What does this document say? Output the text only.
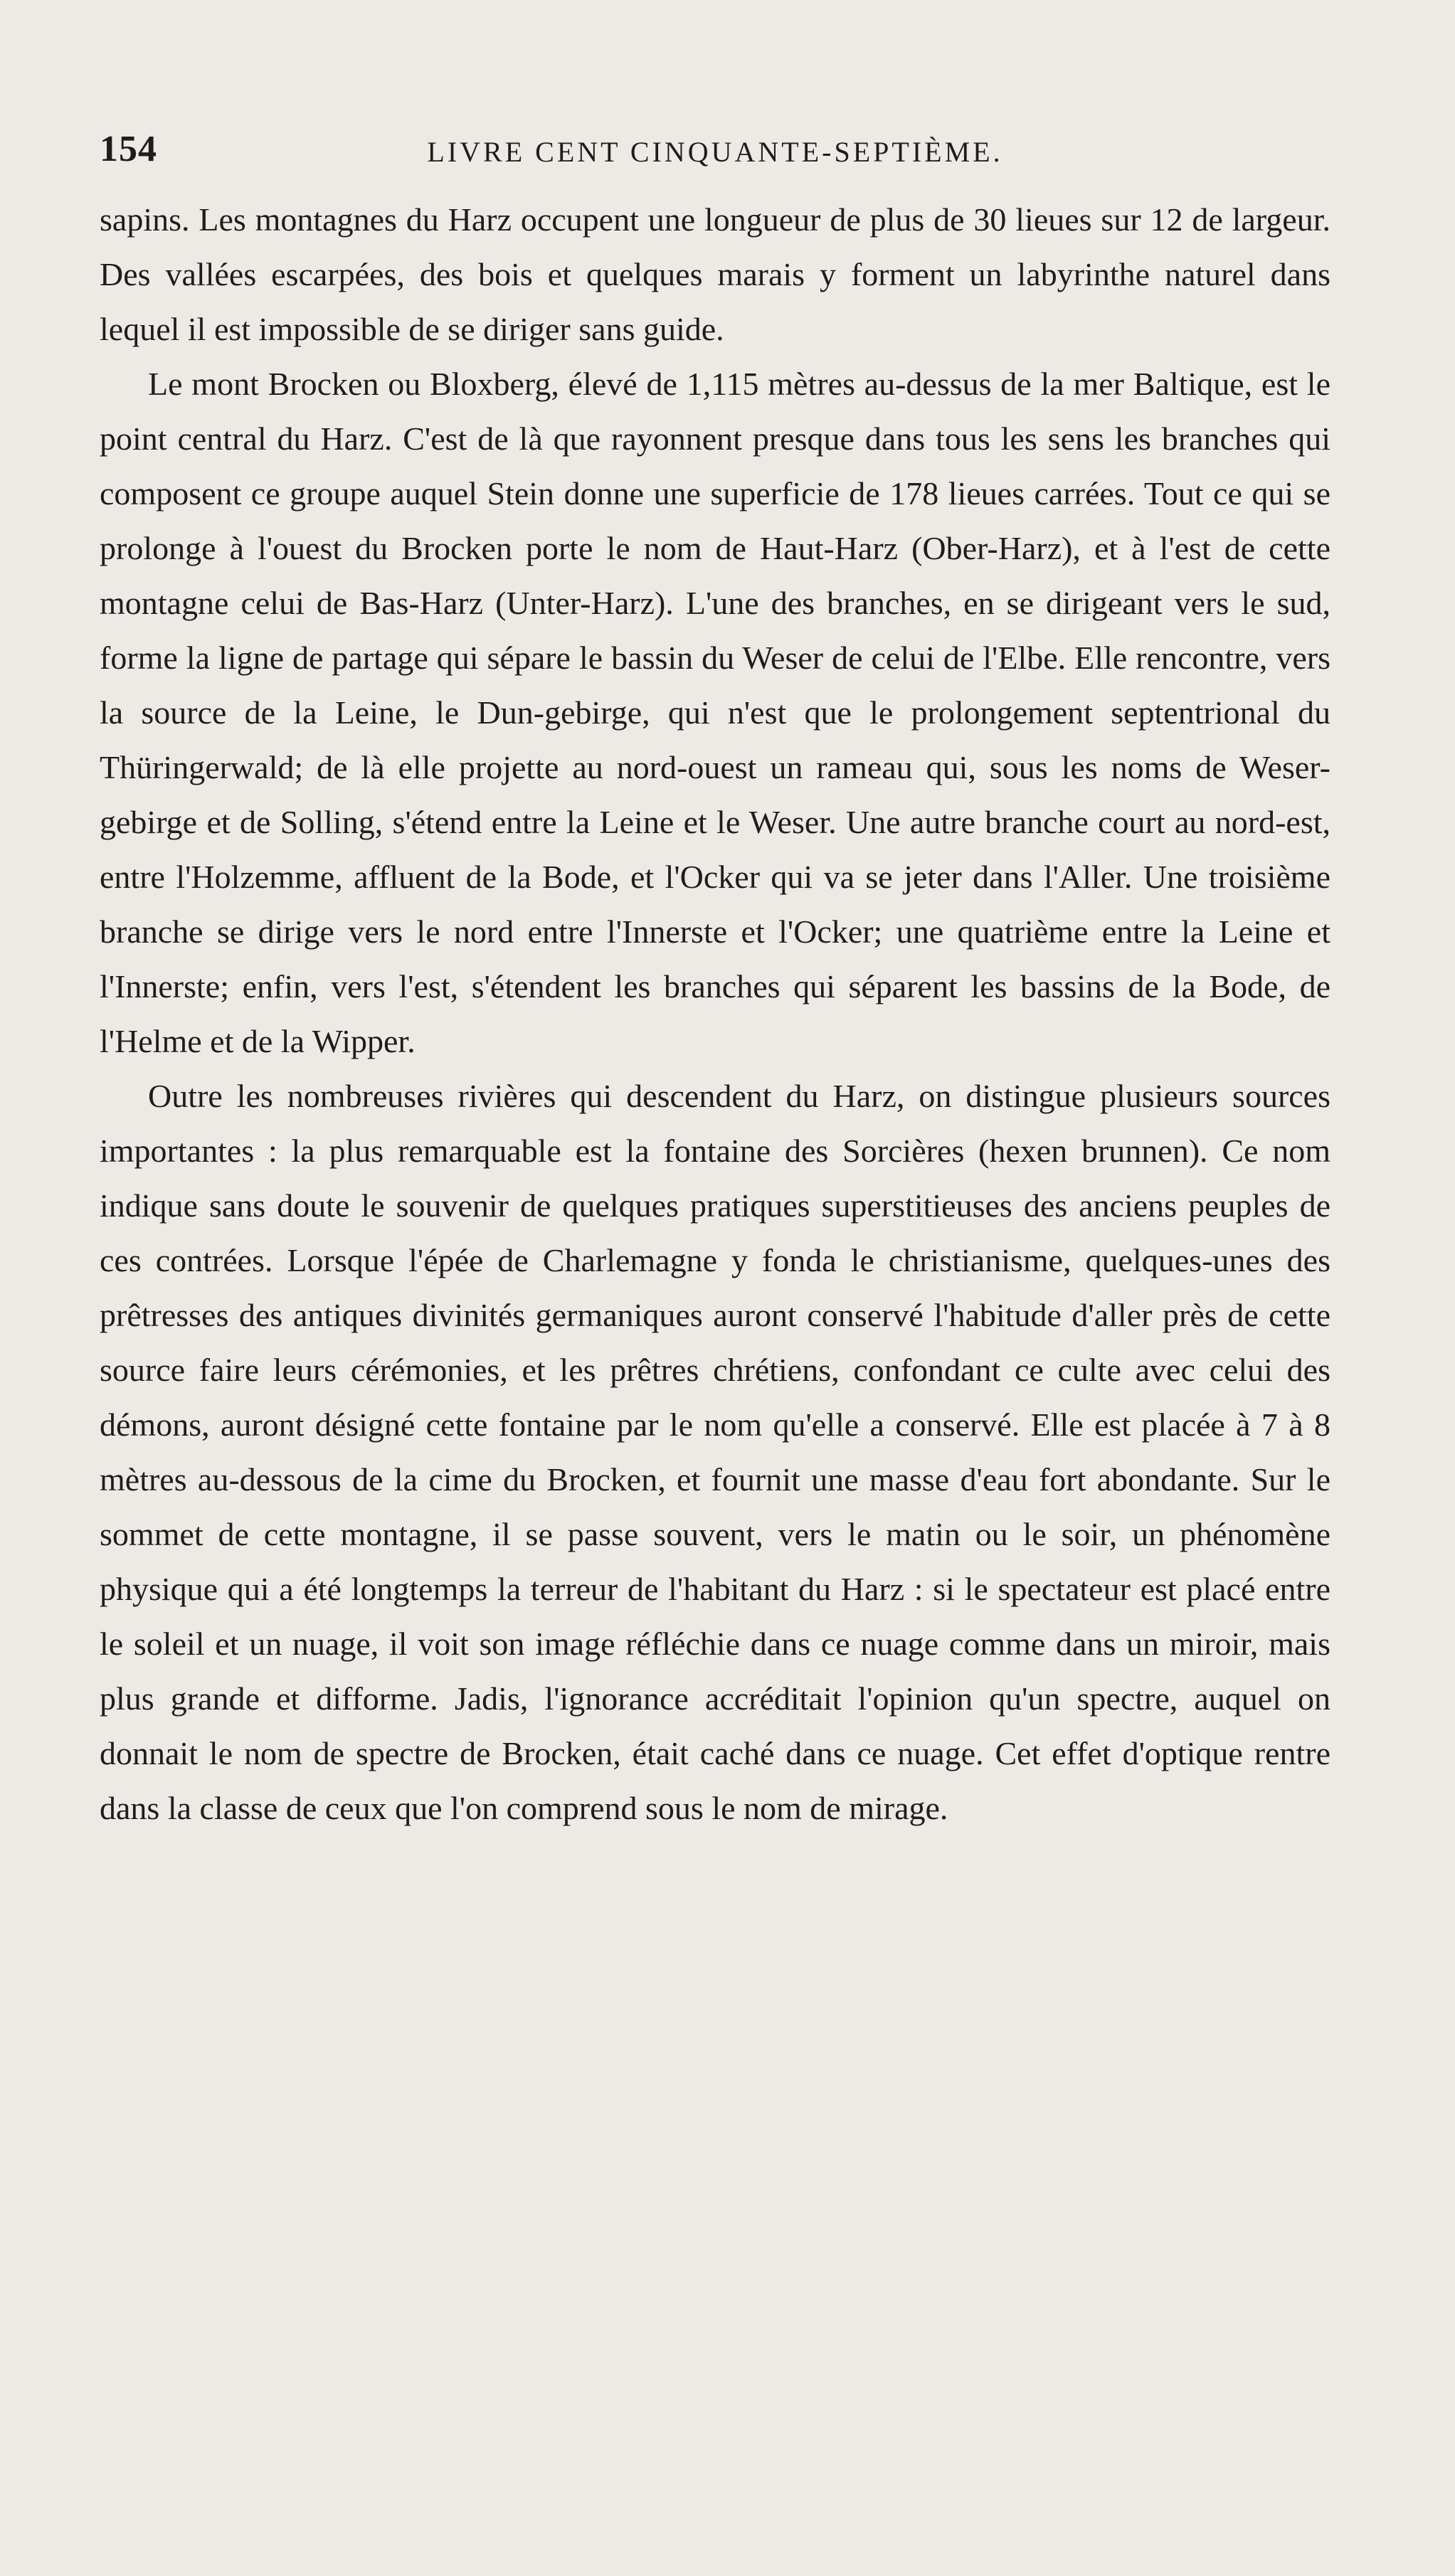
154	LIVRE CENT CINQUANTE-SEPTIÈME.

sapins. Les montagnes du Harz occupent une longueur de plus de 30 lieues sur 12 de largeur. Des vallées escarpées, des bois et quelques marais y forment un labyrinthe naturel dans lequel il est impossible de se diriger sans guide.

Le mont Brocken ou Bloxberg, élevé de 1,115 mètres au-dessus de la mer Baltique, est le point central du Harz. C'est de là que rayonnent presque dans tous les sens les branches qui composent ce groupe auquel Stein donne une superficie de 178 lieues carrées. Tout ce qui se prolonge à l'ouest du Brocken porte le nom de Haut-Harz (Ober-Harz), et à l'est de cette montagne celui de Bas-Harz (Unter-Harz). L'une des branches, en se dirigeant vers le sud, forme la ligne de partage qui sépare le bassin du Weser de celui de l'Elbe. Elle rencontre, vers la source de la Leine, le Dun-gebirge, qui n'est que le prolongement septentrional du Thüringerwald; de là elle projette au nord-ouest un rameau qui, sous les noms de Weser-gebirge et de Solling, s'étend entre la Leine et le Weser. Une autre branche court au nord-est, entre l'Holzemme, affluent de la Bode, et l'Ocker qui va se jeter dans l'Aller. Une troisième branche se dirige vers le nord entre l'Innerste et l'Ocker; une quatrième entre la Leine et l'Innerste; enfin, vers l'est, s'étendent les branches qui séparent les bassins de la Bode, de l'Helme et de la Wipper.

Outre les nombreuses rivières qui descendent du Harz, on distingue plusieurs sources importantes : la plus remarquable est la fontaine des Sorcières (hexen brunnen). Ce nom indique sans doute le souvenir de quelques pratiques superstitieuses des anciens peuples de ces contrées. Lorsque l'épée de Charlemagne y fonda le christianisme, quelques-unes des prêtresses des antiques divinités germaniques auront conservé l'habitude d'aller près de cette source faire leurs cérémonies, et les prêtres chrétiens, confondant ce culte avec celui des démons, auront désigné cette fontaine par le nom qu'elle a conservé. Elle est placée à 7 à 8 mètres au-dessous de la cime du Brocken, et fournit une masse d'eau fort abondante. Sur le sommet de cette montagne, il se passe souvent, vers le matin ou le soir, un phénomène physique qui a été longtemps la terreur de l'habitant du Harz : si le spectateur est placé entre le soleil et un nuage, il voit son image réfléchie dans ce nuage comme dans un miroir, mais plus grande et difforme. Jadis, l'ignorance accréditait l'opinion qu'un spectre, auquel on donnait le nom de spectre de Brocken, était caché dans ce nuage. Cet effet d'optique rentre dans la classe de ceux que l'on comprend sous le nom de mirage.
